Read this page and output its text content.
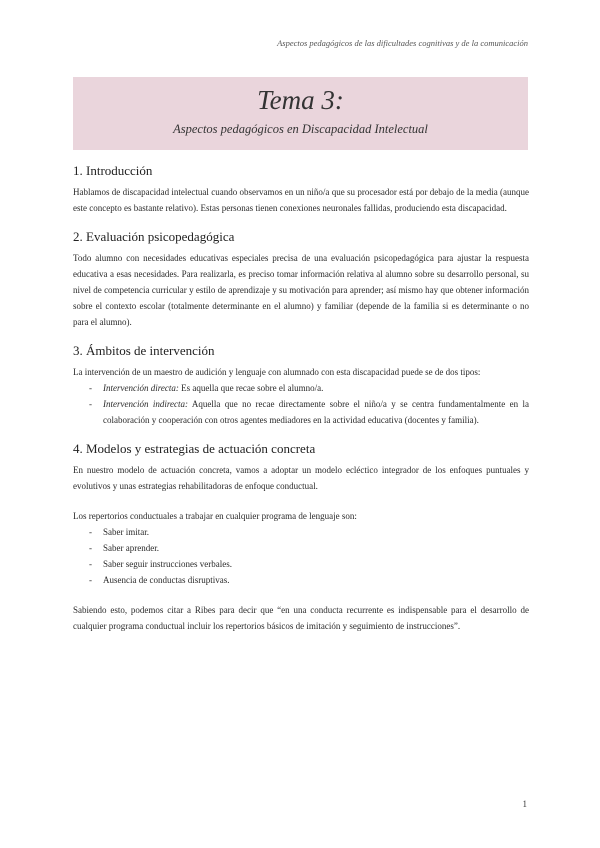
Aspectos pedagógicos de las dificultades cognitivas y de la comunicación
Tema 3:
Aspectos pedagógicos en Discapacidad Intelectual
1. Introducción

Hablamos de discapacidad intelectual cuando observamos en un niño/a que su procesador está por debajo de la media (aunque este concepto es bastante relativo). Estas personas tienen conexiones neuronales fallidas, produciendo esta discapacidad.

2. Evaluación psicopedagógica

Todo alumno con necesidades educativas especiales precisa de una evaluación psicopedagógica para ajustar la respuesta educativa a esas necesidades. Para realizarla, es preciso tomar información relativa al alumno sobre su desarrollo personal, su nivel de competencia curricular y estilo de aprendizaje y su motivación para aprender; así mismo hay que obtener información sobre el contexto escolar (totalmente determinante en el alumno) y familiar (depende de la familia si es determinante o no para el alumno).

3. Ámbitos de intervención

La intervención de un maestro de audición y lenguaje con alumnado con esta discapacidad puede se de dos tipos:

- Intervención directa: Es aquella que recae sobre el alumno/a.
- Intervención indirecta: Aquella que no recae directamente sobre el niño/a y se centra fundamentalmente en la colaboración y cooperación con otros agentes mediadores en la actividad educativa (docentes y familia).
4. Modelos y estrategias de actuación concreta

En nuestro modelo de actuación concreta, vamos a adoptar un modelo ecléctico integrador de los enfoques puntuales y evolutivos y unas estrategias rehabilitadoras de enfoque conductual.

Los repertorios conductuales a trabajar en cualquier programa de lenguaje son:

- Saber imitar.
- Saber aprender.
- Saber seguir instrucciones verbales.
- Ausencia de conductas disruptivas.

Sabiendo esto, podemos citar a Ribes para decir que “en una conducta recurrente es indispensable para el desarrollo de cualquier programa conductual incluir los repertorios básicos de imitación y seguimiento de instrucciones”.

1
